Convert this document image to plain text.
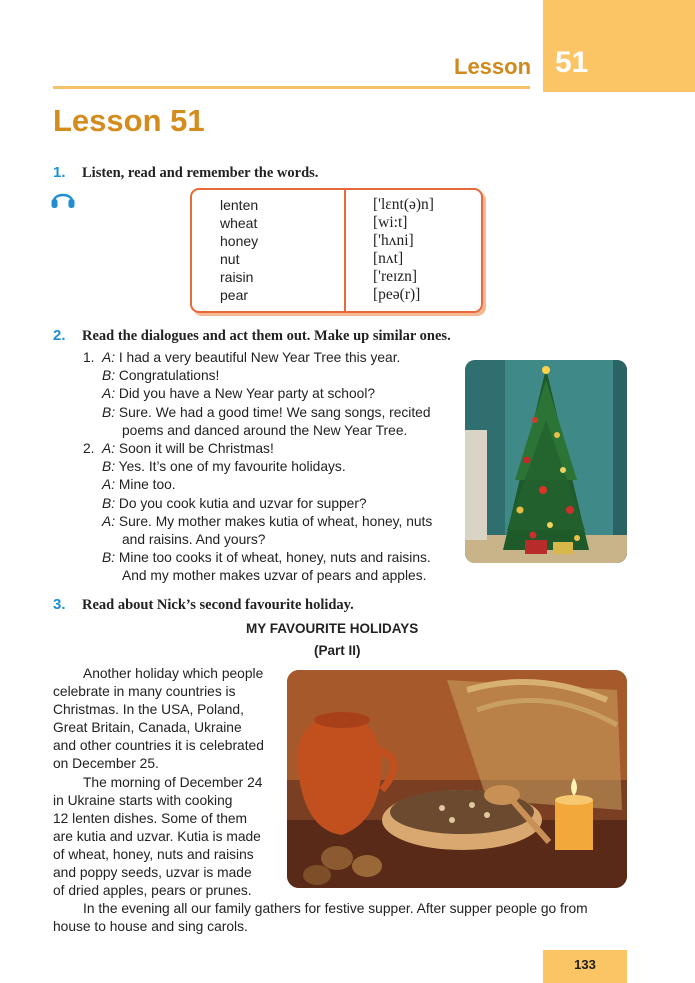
Lesson 51
Lesson 51
1. Listen, read and remember the words.
lenten
wheat
honey
nut
raisin
pear
['lɛnt(ə)n]
[wi:t]
['hʌni]
[nʌt]
['reɪzn]
[peə(r)]
2. Read the dialogues and act them out. Make up similar ones.
1.
2.
A: I had a very beautiful New Year Tree this year.
B: Congratulations!
A: Did you have a New Year party at school?
B: Sure. We had a good time! We sang songs, recited
poems and danced around the New Year Tree.
A: Soon it will be Christmas!
B: Yes. It’s one of my favourite holidays.
A: Mine too.
B: Do you cook kutia and uzvar for supper?
A: Sure. My mother makes kutia of wheat, honey, nuts
and raisins. And yours?
B: Mine too cooks it of wheat, honey, nuts and raisins.
And my mother makes uzvar of pears and apples.
3. Read about Nick’s second favourite holiday.
MY FAVOURITE HOLIDAYS
(Part II)
Another holiday which people
celebrate in many countries is
Christmas. In the USA, Poland,
Great Britain, Canada, Ukraine
and other countries it is celebrated
on December 25.
The morning of December 24
in Ukraine starts with cooking
12 lenten dishes. Some of them
are kutia and uzvar. Kutia is made
of wheat, honey, nuts and raisins
and poppy seeds, uzvar is made
of dried apples, pears or prunes.
In the evening all our family gathers for festive supper. After supper people go from
house to house and sing carols.
133
